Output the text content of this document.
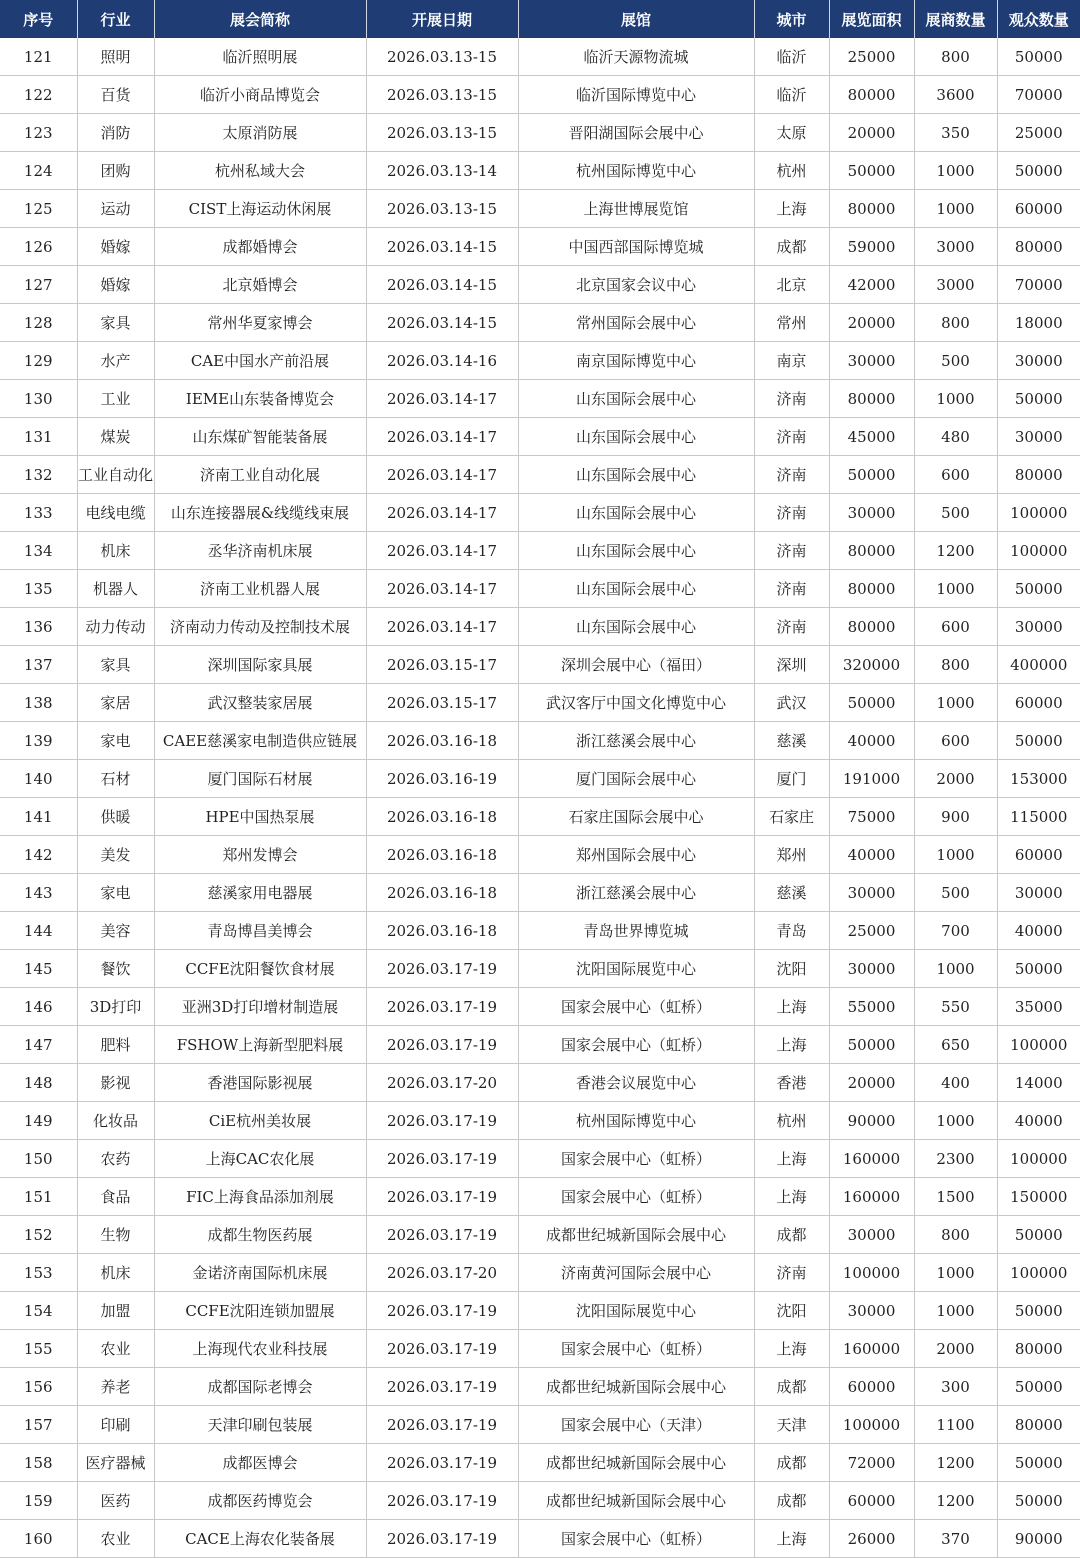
序号	行业	展会简称	开展日期	展馆	城市	展览面积	展商数量	观众数量
121	照明	临沂照明展	2026.03.13-15	临沂天源物流城	临沂	25000	800	50000
122	百货	临沂小商品博览会	2026.03.13-15	临沂国际博览中心	临沂	80000	3600	70000
123	消防	太原消防展	2026.03.13-15	晋阳湖国际会展中心	太原	20000	350	25000
124	团购	杭州私域大会	2026.03.13-14	杭州国际博览中心	杭州	50000	1000	50000
125	运动	CIST上海运动休闲展	2026.03.13-15	上海世博展览馆	上海	80000	1000	60000
126	婚嫁	成都婚博会	2026.03.14-15	中国西部国际博览城	成都	59000	3000	80000
127	婚嫁	北京婚博会	2026.03.14-15	北京国家会议中心	北京	42000	3000	70000
128	家具	常州华夏家博会	2026.03.14-15	常州国际会展中心	常州	20000	800	18000
129	水产	CAE中国水产前沿展	2026.03.14-16	南京国际博览中心	南京	30000	500	30000
130	工业	IEME山东装备博览会	2026.03.14-17	山东国际会展中心	济南	80000	1000	50000
131	煤炭	山东煤矿智能装备展	2026.03.14-17	山东国际会展中心	济南	45000	480	30000
132	工业自动化	济南工业自动化展	2026.03.14-17	山东国际会展中心	济南	50000	600	80000
133	电线电缆	山东连接器展&线缆线束展	2026.03.14-17	山东国际会展中心	济南	30000	500	100000
134	机床	丞华济南机床展	2026.03.14-17	山东国际会展中心	济南	80000	1200	100000
135	机器人	济南工业机器人展	2026.03.14-17	山东国际会展中心	济南	80000	1000	50000
136	动力传动	济南动力传动及控制技术展	2026.03.14-17	山东国际会展中心	济南	80000	600	30000
137	家具	深圳国际家具展	2026.03.15-17	深圳会展中心（福田）	深圳	320000	800	400000
138	家居	武汉整装家居展	2026.03.15-17	武汉客厅中国文化博览中心	武汉	50000	1000	60000
139	家电	CAEE慈溪家电制造供应链展	2026.03.16-18	浙江慈溪会展中心	慈溪	40000	600	50000
140	石材	厦门国际石材展	2026.03.16-19	厦门国际会展中心	厦门	191000	2000	153000
141	供暖	HPE中国热泵展	2026.03.16-18	石家庄国际会展中心	石家庄	75000	900	115000
142	美发	郑州发博会	2026.03.16-18	郑州国际会展中心	郑州	40000	1000	60000
143	家电	慈溪家用电器展	2026.03.16-18	浙江慈溪会展中心	慈溪	30000	500	30000
144	美容	青岛博昌美博会	2026.03.16-18	青岛世界博览城	青岛	25000	700	40000
145	餐饮	CCFE沈阳餐饮食材展	2026.03.17-19	沈阳国际展览中心	沈阳	30000	1000	50000
146	3D打印	亚洲3D打印增材制造展	2026.03.17-19	国家会展中心（虹桥）	上海	55000	550	35000
147	肥料	FSHOW上海新型肥料展	2026.03.17-19	国家会展中心（虹桥）	上海	50000	650	100000
148	影视	香港国际影视展	2026.03.17-20	香港会议展览中心	香港	20000	400	14000
149	化妆品	CiE杭州美妆展	2026.03.17-19	杭州国际博览中心	杭州	90000	1000	40000
150	农药	上海CAC农化展	2026.03.17-19	国家会展中心（虹桥）	上海	160000	2300	100000
151	食品	FIC上海食品添加剂展	2026.03.17-19	国家会展中心（虹桥）	上海	160000	1500	150000
152	生物	成都生物医药展	2026.03.17-19	成都世纪城新国际会展中心	成都	30000	800	50000
153	机床	金诺济南国际机床展	2026.03.17-20	济南黄河国际会展中心	济南	100000	1000	100000
154	加盟	CCFE沈阳连锁加盟展	2026.03.17-19	沈阳国际展览中心	沈阳	30000	1000	50000
155	农业	上海现代农业科技展	2026.03.17-19	国家会展中心（虹桥）	上海	160000	2000	80000
156	养老	成都国际老博会	2026.03.17-19	成都世纪城新国际会展中心	成都	60000	300	50000
157	印刷	天津印刷包装展	2026.03.17-19	国家会展中心（天津）	天津	100000	1100	80000
158	医疗器械	成都医博会	2026.03.17-19	成都世纪城新国际会展中心	成都	72000	1200	50000
159	医药	成都医药博览会	2026.03.17-19	成都世纪城新国际会展中心	成都	60000	1200	50000
160	农业	CACE上海农化装备展	2026.03.17-19	国家会展中心（虹桥）	上海	26000	370	90000
